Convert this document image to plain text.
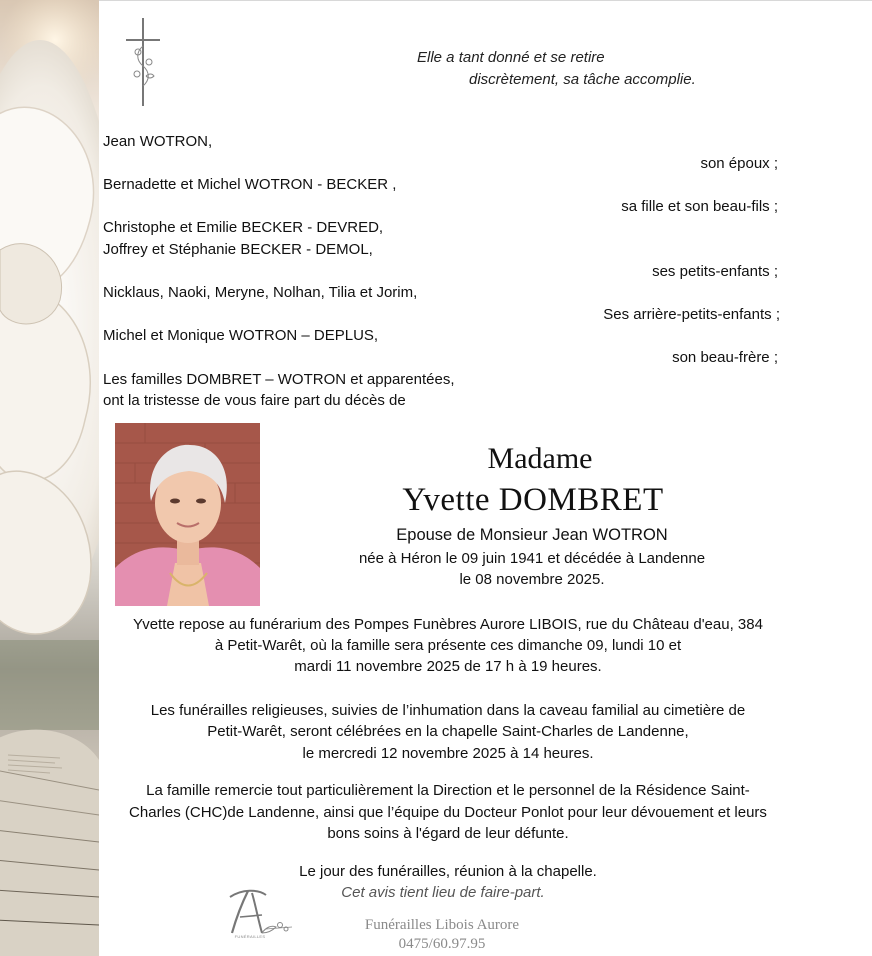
Elle a tant donné et se retire
discrètement, sa tâche accomplie.
Jean WOTRON,
son époux ;
Bernadette et Michel WOTRON - BECKER ,
sa fille et son beau-fils ;
Christophe et Emilie BECKER - DEVRED,
Joffrey et Stéphanie BECKER - DEMOL,
ses petits-enfants ;
Nicklaus, Naoki, Meryne, Nolhan, Tilia et Jorim,
Ses arrière-petits-enfants ;
Michel et Monique WOTRON – DEPLUS,
son beau-frère ;
Les familles DOMBRET – WOTRON et apparentées,
ont la tristesse de vous faire part du décès de
Madame
Yvette DOMBRET
Epouse de Monsieur Jean WOTRON
née à Héron le 09 juin 1941 et décédée à Landenne
le 08 novembre 2025.
Yvette repose au funérarium des Pompes Funèbres Aurore LIBOIS, rue du Château d'eau, 384
à Petit-Warêt, où la famille sera présente ces dimanche 09, lundi 10 et
mardi 11 novembre 2025 de 17 h à 19 heures.
Les funérailles religieuses, suivies de l’inhumation dans la caveau familial au cimetière de
Petit-Warêt, seront célébrées en la chapelle Saint-Charles de Landenne,
le mercredi 12 novembre 2025 à 14 heures.
La famille remercie tout particulièrement la Direction et le personnel de la Résidence Saint-
Charles (CHC)de Landenne, ainsi que l’équipe du Docteur Ponlot pour leur dévouement et leurs
bons soins à l'égard de leur défunte.
Le jour des funérailles, réunion à la chapelle.
Cet avis tient lieu de faire-part.
FUNÉRAILLES
Funérailles Libois Aurore
0475/60.97.95
